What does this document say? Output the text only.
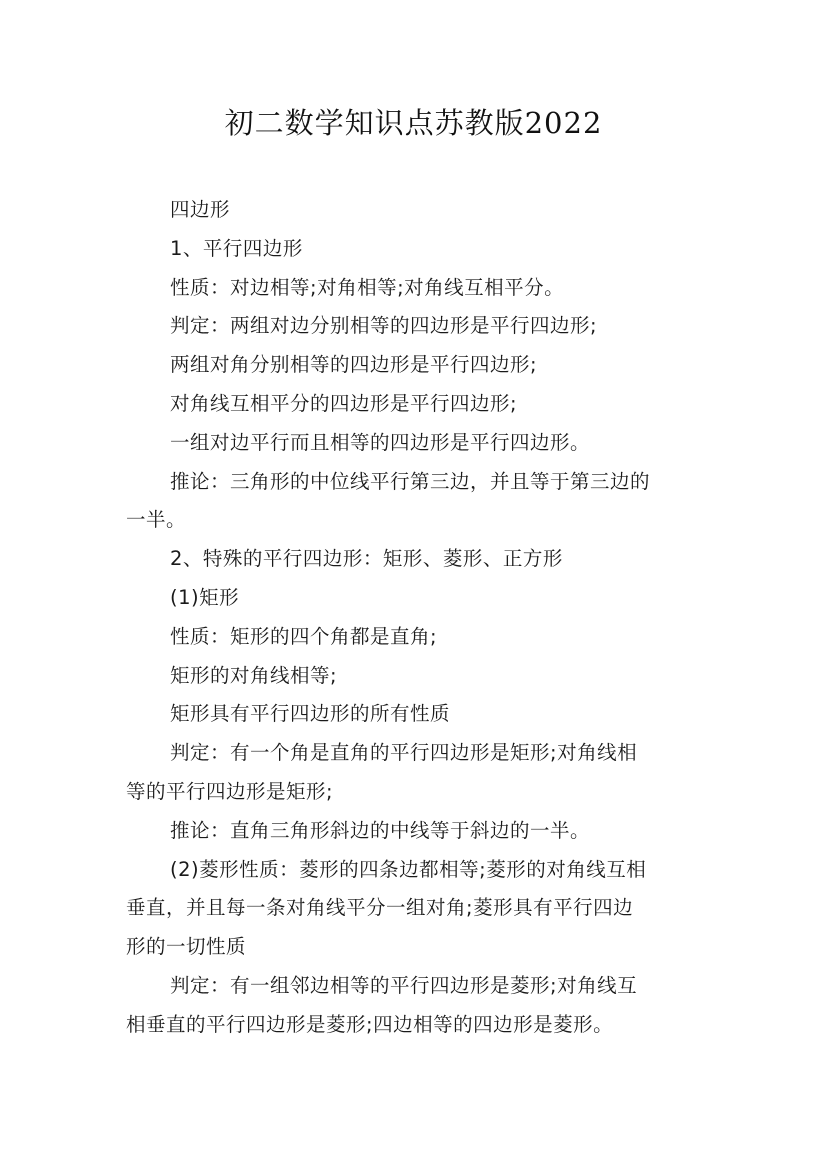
初二数学知识点苏教版2022

四边形

1、平行四边形

性质：对边相等;对角相等;对角线互相平分。

判定：两组对边分别相等的四边形是平行四边形;

两组对角分别相等的四边形是平行四边形;

对角线互相平分的四边形是平行四边形;

一组对边平行而且相等的四边形是平行四边形。

推论：三角形的中位线平行第三边，并且等于第三边的

一半。

2、特殊的平行四边形：矩形、菱形、正方形

(1)矩形

性质：矩形的四个角都是直角;

矩形的对角线相等;

矩形具有平行四边形的所有性质

判定：有一个角是直角的平行四边形是矩形;对角线相

等的平行四边形是矩形;

推论：直角三角形斜边的中线等于斜边的一半。

(2)菱形性质：菱形的四条边都相等;菱形的对角线互相

垂直，并且每一条对角线平分一组对角;菱形具有平行四边

形的一切性质

判定：有一组邻边相等的平行四边形是菱形;对角线互

相垂直的平行四边形是菱形;四边相等的四边形是菱形。
